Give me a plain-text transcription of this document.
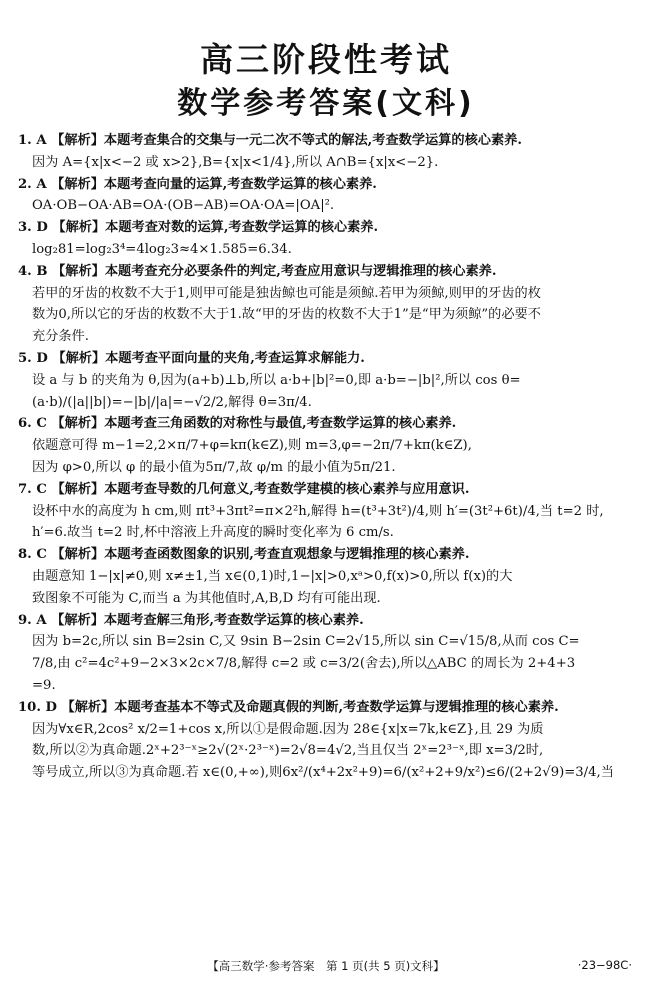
高三阶段性考试
数学参考答案(文科)
1. A 【解析】本题考查集合的交集与一元二次不等式的解法,考查数学运算的核心素养.

因为 A={x|x<−2 或 x>2},B={x|x<1/4},所以 A∩B={x|x<−2}.

2. A 【解析】本题考查向量的运算,考查数学运算的核心素养.

OA·OB−OA·AB=OA·(OB−AB)=OA·OA=|OA|².

3. D 【解析】本题考查对数的运算,考查数学运算的核心素养.

log₂81=log₂3⁴=4log₂3≈4×1.585=6.34.

4. B 【解析】本题考查充分必要条件的判定,考查应用意识与逻辑推理的核心素养.

若甲的牙齿的枚数不大于1,则甲可能是独齿鲸也可能是须鲸.若甲为须鲸,则甲的牙齿的枚

数为0,所以它的牙齿的枚数不大于1.故“甲的牙齿的枚数不大于1”是“甲为须鲸”的必要不

充分条件.

5. D 【解析】本题考查平面向量的夹角,考查运算求解能力.

设 a 与 b 的夹角为 θ,因为(a+b)⊥b,所以 a·b+|b|²=0,即 a·b=−|b|²,所以 cos θ=

(a·b)/(|a||b|)=−|b|/|a|=−√2/2,解得 θ=3π/4.

6. C 【解析】本题考查三角函数的对称性与最值,考查数学运算的核心素养.

依题意可得 m−1=2,2×π/7+φ=kπ(k∈Z),则 m=3,φ=−2π/7+kπ(k∈Z),

因为 φ>0,所以 φ 的最小值为5π/7,故 φ/m 的最小值为5π/21.

7. C 【解析】本题考查导数的几何意义,考查数学建模的核心素养与应用意识.

设杯中水的高度为 h cm,则 πt³+3πt²=π×2²h,解得 h=(t³+3t²)/4,则 h′=(3t²+6t)/4,当 t=2 时,

h′=6.故当 t=2 时,杯中溶液上升高度的瞬时变化率为 6 cm/s.

8. C 【解析】本题考查函数图象的识别,考查直观想象与逻辑推理的核心素养.

由题意知 1−|x|≠0,则 x≠±1,当 x∈(0,1)时,1−|x|>0,xᵃ>0,f(x)>0,所以 f(x)的大

致图象不可能为 C,而当 a 为其他值时,A,B,D 均有可能出现.

9. A 【解析】本题考查解三角形,考查数学运算的核心素养.

因为 b=2c,所以 sin B=2sin C,又 9sin B−2sin C=2√15,所以 sin C=√15/8,从而 cos C=

7/8,由 c²=4c²+9−2×3×2c×7/8,解得 c=2 或 c=3/2(舍去),所以△ABC 的周长为 2+4+3

=9.

10. D 【解析】本题考查基本不等式及命题真假的判断,考查数学运算与逻辑推理的核心素养.

因为∀x∈R,2cos² x/2=1+cos x,所以①是假命题.因为 28∈{x|x=7k,k∈Z},且 29 为质

数,所以②为真命题.2ˣ+2³⁻ˣ≥2√(2ˣ·2³⁻ˣ)=2√8=4√2,当且仅当 2ˣ=2³⁻ˣ,即 x=3/2时,

等号成立,所以③为真命题.若 x∈(0,+∞),则6x²/(x⁴+2x²+9)=6/(x²+2+9/x²)≤6/(2+2√9)=3/4,当

【高三数学·参考答案　第 1 页(共 5 页)文科】	·23−98C·
